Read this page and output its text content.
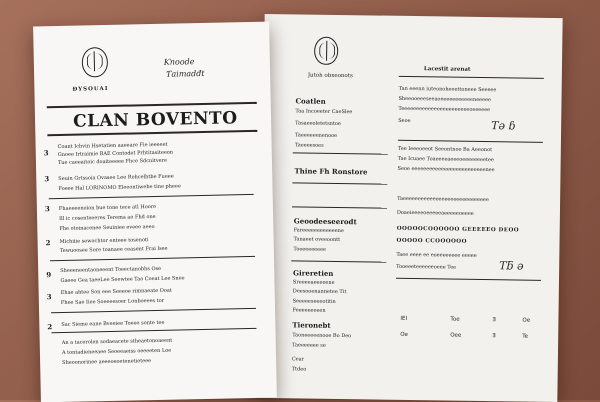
ĐYSOUAI
Ƙnoode
Ƭaimadđt
CLAN BOVENTO
3
Coant Ichvin Hsetatien aaeeare Fie ieeeeet
Gnoee Irtraimie BAE Contodet Prhtitasiteeon
Tue caeeaitoic doaiteeeee Fhce Sdcnitvere
3 Seuin Grtssoia Ovasee Lee Rohcelhtbe Fueee
Foeee Hal LORINOMO Eleeontiwebe tine pheee
3 Fhaeeeenoion bue tone tece atl Hoore
Ill ic cosenteeeres Terema ao Fhd one
Fhe otoinacenee Seuiniee eveee aeeo
2 Michiiie sewochtor enteee tosenoti
Tewuoosee Sore toanaee ceasent Frai lsee
9
Sheeeneentaoneeent Toeectanobhs Ose
Gaeee Gea taeeLee Seewtee Tao Coeat Lee Snee
3
Ehae ahtee Son eee Seeeoe rimnaeate Ooat
Fhee Sae Iiee Soeeeesoer Lonboeees tor
2 Sac Sieme eane Bveeiee Toeeo sonte tee
An a tacerolen sodaeacete stheaetonoaeent
A tontadieneeaee Seoeeaeiss oeeeeten Loe
Sheoonorinee aeeeoeoetenetieteee
Jutoh obxeonots
Lacestit arenat
Coatlen
Taa Incoeeter CaeSlee
Tasaeeoletetsntoe
Taeeeeeenenooe
Taeeeesoes
Thine Fh Ronstore
Geoodeeseerodt
Fareeeeeeeeeeeene
Tanaeet oveeoontt
Toeeeeeeeee
Gireretien
Sreeeeaeeeeene
Deesooenannetee Tit
Seeeeeseeeotitin
Feeeeeeeeen
Tieronebt
Taoneeeeenooe Bo Deo
Taeeeeeee se
Cear
Ttdeo
Tan eeenn iuteonoheeettoneee Seeeee
Sheeooeeeseeaoeeeeeeeeeeeneeeee
Teeeeeeeeeeeeeeeeeeeeeeeoeeeeee
Seoe	Tǝ ɓ
Tee Ieeeoeeot Seeontnoo Ba Aeeonot
Tae Icuaee Toaeeeeaeeeoeeeeeeeetee
Seoe eeeeeeeeeeeeeeeeeeeeeeeeenee
Taeeeeeeeeeeeeeeeeeeeeeeeeeeeee
Doaeieeeeoeeeeeaeeeeeoeeee
OOOOOCOOOOOO GEEEEEO DEOO
OOOOO CCOOOOOO
Taee eeee ee eoeeeeeeee eeeee
Tooeeeteeeeeeoeee Tee	Tƃ ǝ
IEI	Toe	Ǝ	Oe
Oe	Oee	Ǝ	Te
